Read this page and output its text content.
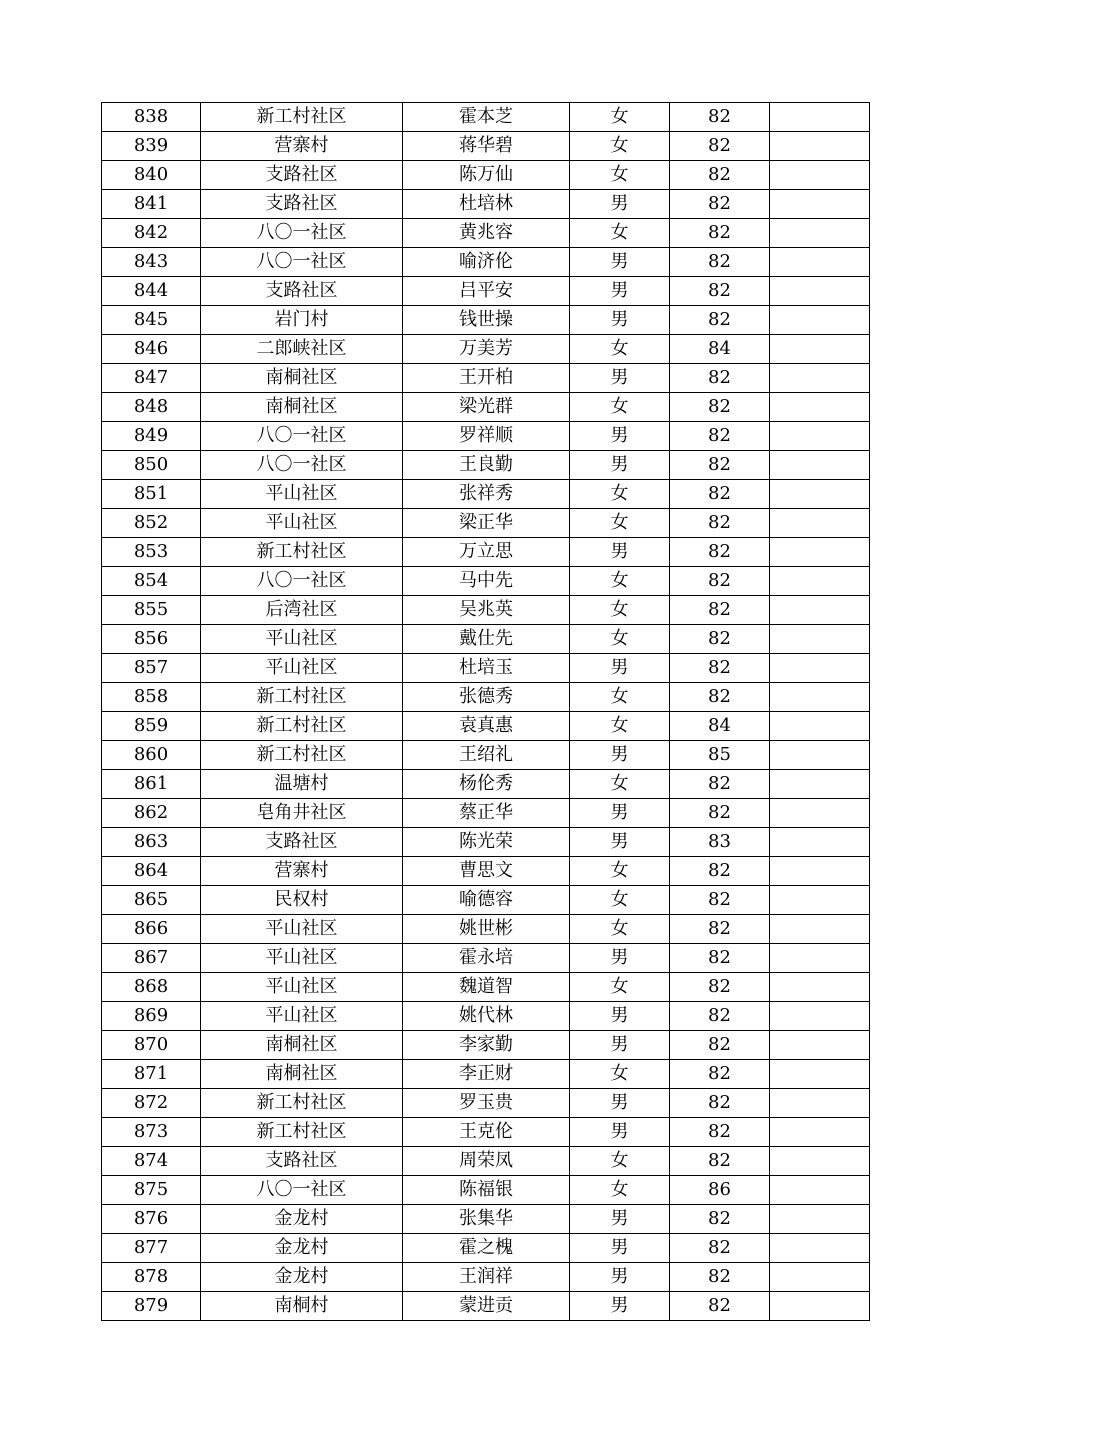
838	新工村社区	霍本芝	女	82	
839	营寨村	蒋华碧	女	82	
840	支路社区	陈万仙	女	82	
841	支路社区	杜培林	男	82	
842	八〇一社区	黄兆容	女	82	
843	八〇一社区	喻济伦	男	82	
844	支路社区	吕平安	男	82	
845	岩门村	钱世操	男	82	
846	二郎峡社区	万美芳	女	84	
847	南桐社区	王开柏	男	82	
848	南桐社区	梁光群	女	82	
849	八〇一社区	罗祥顺	男	82	
850	八〇一社区	王良勤	男	82	
851	平山社区	张祥秀	女	82	
852	平山社区	梁正华	女	82	
853	新工村社区	万立思	男	82	
854	八〇一社区	马中先	女	82	
855	后湾社区	吴兆英	女	82	
856	平山社区	戴仕先	女	82	
857	平山社区	杜培玉	男	82	
858	新工村社区	张德秀	女	82	
859	新工村社区	袁真惠	女	84	
860	新工村社区	王绍礼	男	85	
861	温塘村	杨伦秀	女	82	
862	皂角井社区	蔡正华	男	82	
863	支路社区	陈光荣	男	83	
864	营寨村	曹思文	女	82	
865	民权村	喻德容	女	82	
866	平山社区	姚世彬	女	82	
867	平山社区	霍永培	男	82	
868	平山社区	魏道智	女	82	
869	平山社区	姚代林	男	82	
870	南桐社区	李家勤	男	82	
871	南桐社区	李正财	女	82	
872	新工村社区	罗玉贵	男	82	
873	新工村社区	王克伦	男	82	
874	支路社区	周荣凤	女	82	
875	八〇一社区	陈福银	女	86	
876	金龙村	张集华	男	82	
877	金龙村	霍之槐	男	82	
878	金龙村	王润祥	男	82	
879	南桐村	蒙进贡	男	82	
